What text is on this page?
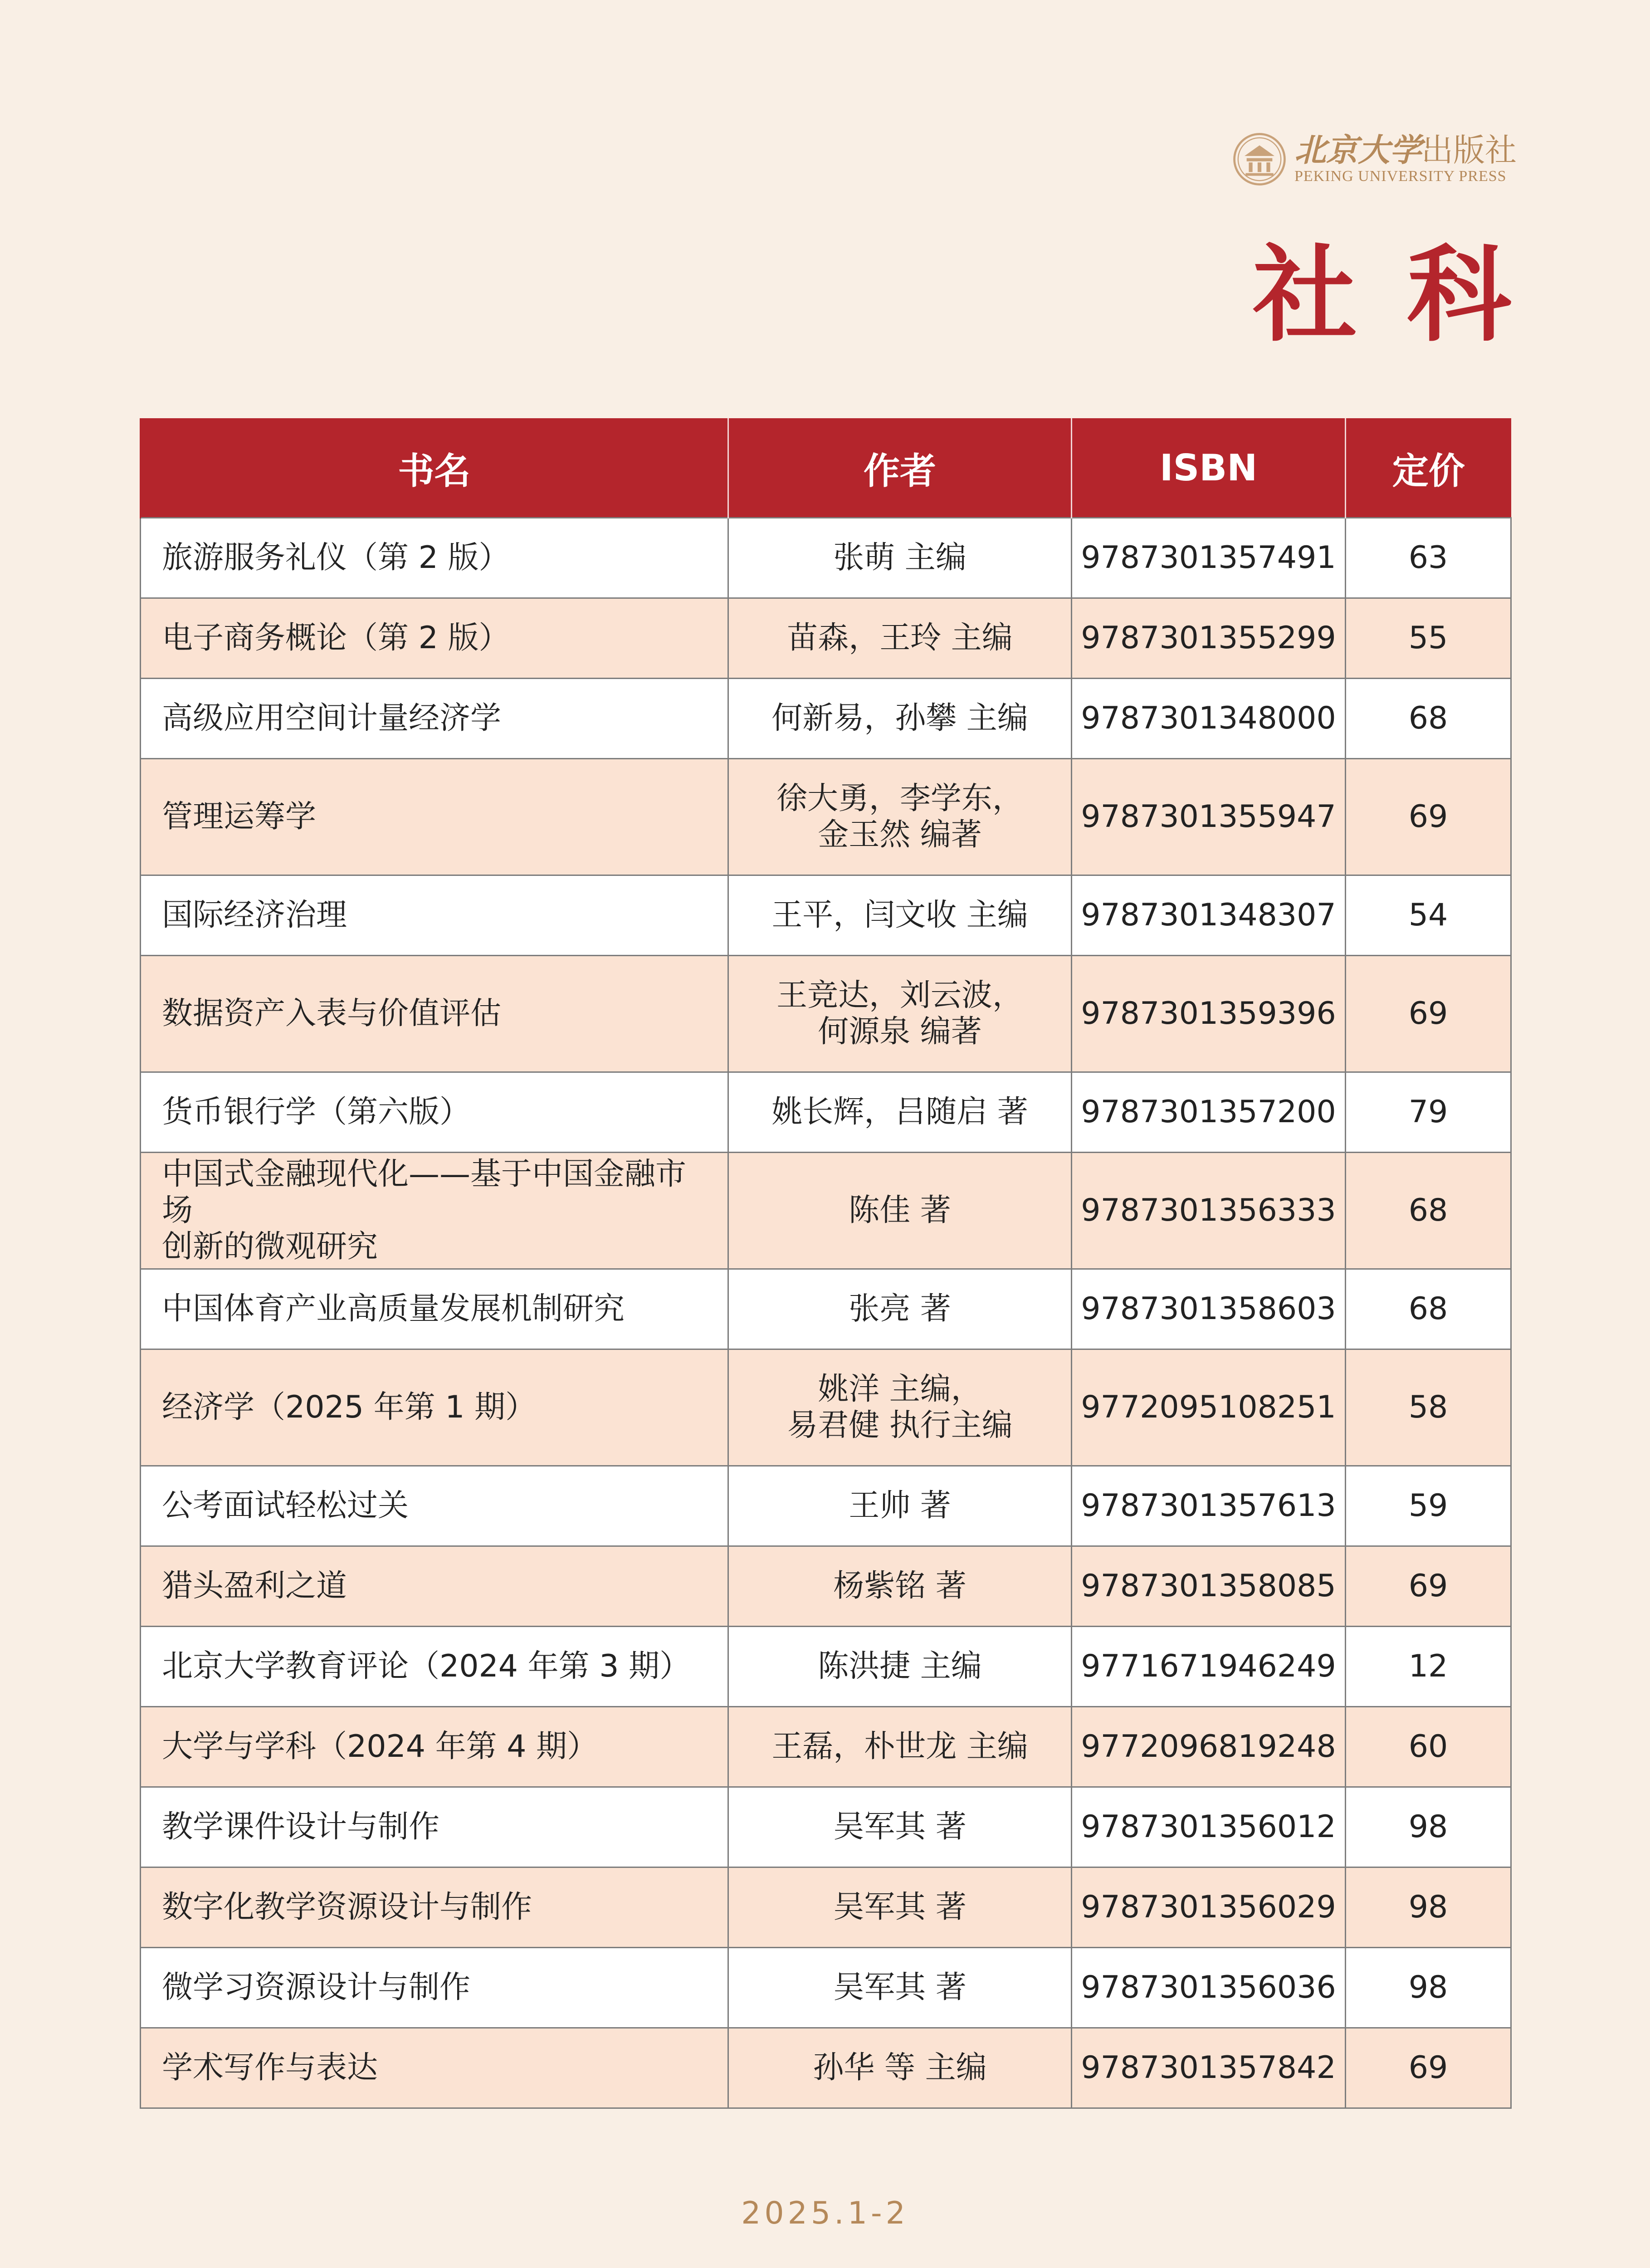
北京大学出版社
PEKING UNIVERSITY PRESS
社科
书名	作者	ISBN	定价

旅游服务礼仪（第 2 版）	张萌 主编	9787301357491	63

电子商务概论（第 2 版）	苗森，王玲 主编	9787301355299	55

高级应用空间计量经济学	何新易，孙攀 主编	9787301348000	68

管理运筹学	徐大勇，李学东，
金玉然 编著	9787301355947	69

国际经济治理	王平，闫文收 主编	9787301348307	54

数据资产入表与价值评估	王竞达，刘云波，
何源泉 编著	9787301359396	69

货币银行学（第六版）	姚长辉，吕随启 著	9787301357200	79

中国式金融现代化——基于中国金融市场
创新的微观研究	陈佳 著	9787301356333	68

中国体育产业高质量发展机制研究	张亮 著	9787301358603	68

经济学（2025 年第 1 期）	姚洋 主编，
易君健 执行主编	9772095108251	58

公考面试轻松过关	王帅 著	9787301357613	59

猎头盈利之道	杨紫铭 著	9787301358085	69

北京大学教育评论（2024 年第 3 期）	陈洪捷 主编	9771671946249	12

大学与学科（2024 年第 4 期）	王磊，朴世龙 主编	9772096819248	60

教学课件设计与制作	吴军其 著	9787301356012	98

数字化教学资源设计与制作	吴军其 著	9787301356029	98

微学习资源设计与制作	吴军其 著	9787301356036	98

学术写作与表达	孙华 等 主编	9787301357842	69
2025.1-2
